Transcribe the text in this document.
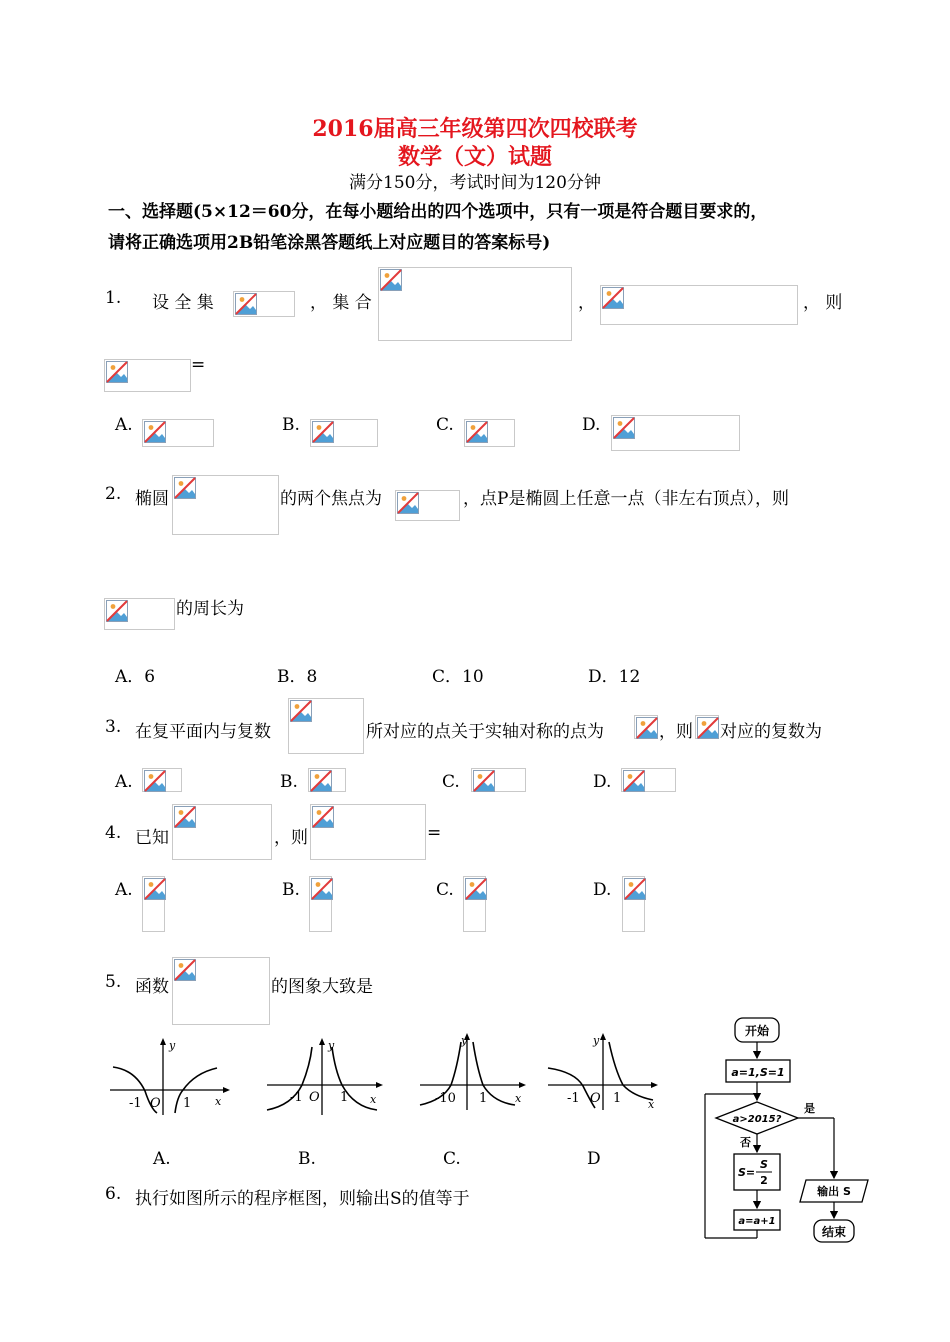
2016届高三年级第四次四校联考
数学（文）试题
满分150分，考试时间为120分钟
一、选择题(5×12＝60分，在每小题给出的四个选项中，只有一项是符合题目要求的，
请将正确选项用2B铅笔涂黑答题纸上对应题目的答案标号)
1. 设 全 集	， 集 合	，	， 则
=
A.	B.	C.	D.
2. 椭圆	的两个焦点为	，点P是椭圆上任意一点（非左右顶点），则
的周长为
A．6	B．8	C．10	D．12
3. 在复平面内与复数	所对应的点关于实轴对称的点为	，则 对应的复数为
A.	B.	C.	D.
4. 已知	，则	=
A.	B.	C.	D.
5. 函数	的图象大致是
y
x
-1 O 1
y
x
-1 O 1
y
x
-10 1
y
x
-1 O 1
A.	B.	C.	D
6. 执行如图所示的程序框图，则输出S的值等于
开始
a=1,S=1
a>2015?
是
否
S=
S
2
a=a+1
输出 S
结束
